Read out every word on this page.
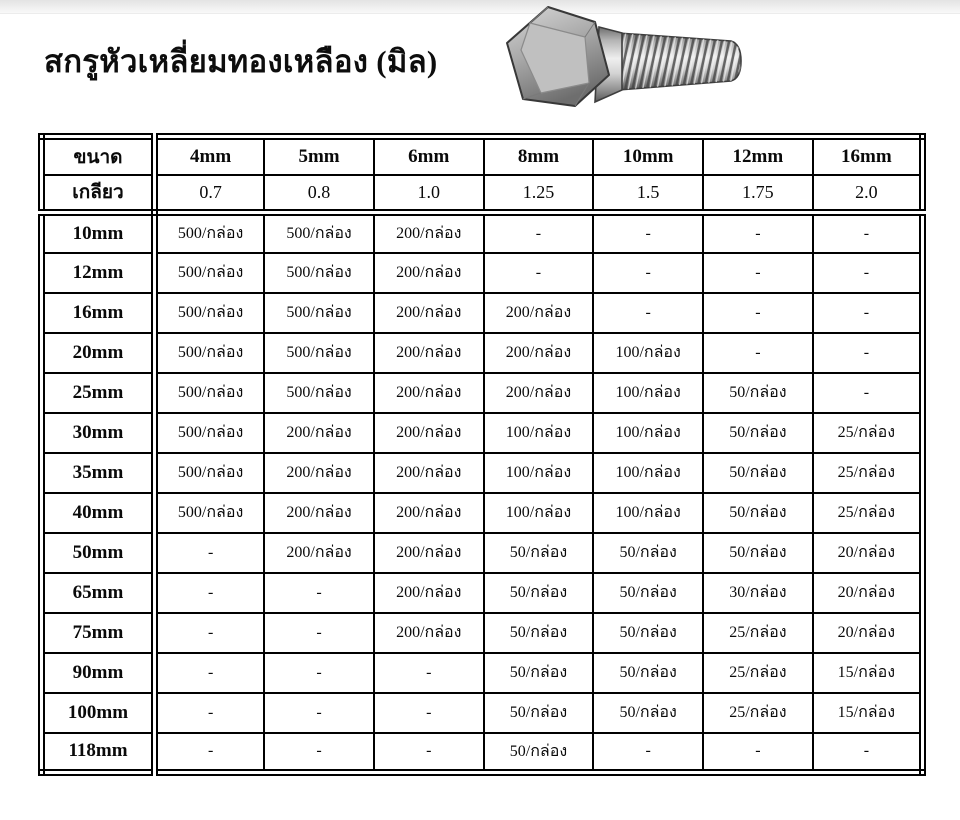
สกรูหัวเหลี่ยมทองเหลือง (มิล)
ขนาด	4mm	5mm	6mm	8mm	10mm	12mm	16mm
เกลียว	0.7	0.8	1.0	1.25	1.5	1.75	2.0
10mm	500/กล่อง	500/กล่อง	200/กล่อง	-	-	-	-
12mm	500/กล่อง	500/กล่อง	200/กล่อง	-	-	-	-
16mm	500/กล่อง	500/กล่อง	200/กล่อง	200/กล่อง	-	-	-
20mm	500/กล่อง	500/กล่อง	200/กล่อง	200/กล่อง	100/กล่อง	-	-
25mm	500/กล่อง	500/กล่อง	200/กล่อง	200/กล่อง	100/กล่อง	50/กล่อง	-
30mm	500/กล่อง	200/กล่อง	200/กล่อง	100/กล่อง	100/กล่อง	50/กล่อง	25/กล่อง
35mm	500/กล่อง	200/กล่อง	200/กล่อง	100/กล่อง	100/กล่อง	50/กล่อง	25/กล่อง
40mm	500/กล่อง	200/กล่อง	200/กล่อง	100/กล่อง	100/กล่อง	50/กล่อง	25/กล่อง
50mm	-	200/กล่อง	200/กล่อง	50/กล่อง	50/กล่อง	50/กล่อง	20/กล่อง
65mm	-	-	200/กล่อง	50/กล่อง	50/กล่อง	30/กล่อง	20/กล่อง
75mm	-	-	200/กล่อง	50/กล่อง	50/กล่อง	25/กล่อง	20/กล่อง
90mm	-	-	-	50/กล่อง	50/กล่อง	25/กล่อง	15/กล่อง
100mm	-	-	-	50/กล่อง	50/กล่อง	25/กล่อง	15/กล่อง
118mm	-	-	-	50/กล่อง	-	-	-
